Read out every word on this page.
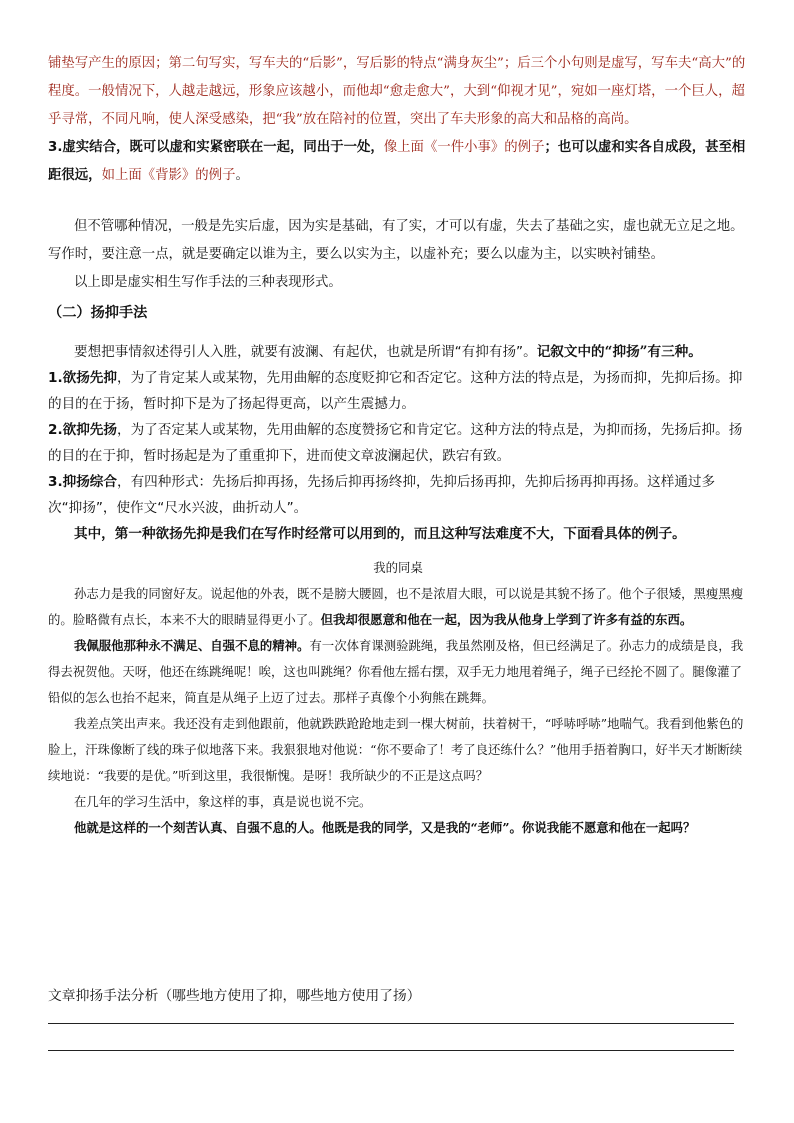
铺垫写产生的原因；第二句写实，写车夫的“后影”，写后影的特点“满身灰尘”；后三个小句则是虚写，写车夫“高大”的程度。一般情况下，人越走越远，形象应该越小，而他却“愈走愈大”，大到“仰视才见”，宛如一座灯塔，一个巨人，超乎寻常，不同凡响，使人深受感染，把“我”放在陪衬的位置，突出了车夫形象的高大和品格的高尚。

3.虚实结合，既可以虚和实紧密联在一起，同出于一处，像上面《一件小事》的例子；也可以虚和实各自成段，甚至相距很远，如上面《背影》的例子。

但不管哪种情况，一般是先实后虚，因为实是基础，有了实，才可以有虚，失去了基础之实，虚也就无立足之地。写作时，要注意一点，就是要确定以谁为主，要么以实为主，以虚补充；要么以虚为主，以实映衬铺垫。

以上即是虚实相生写作手法的三种表现形式。

（二）扬抑手法

要想把事情叙述得引人入胜，就要有波澜、有起伏，也就是所谓“有抑有扬”。记叙文中的“抑扬”有三种。

1.欲扬先抑，为了肯定某人或某物，先用曲解的态度贬抑它和否定它。这种方法的特点是，为扬而抑，先抑后扬。抑的目的在于扬，暂时抑下是为了扬起得更高，以产生震撼力。

2.欲抑先扬，为了否定某人或某物，先用曲解的态度赞扬它和肯定它。这种方法的特点是，为抑而扬，先扬后抑。扬的目的在于抑，暂时扬起是为了重重抑下，进而使文章波澜起伏，跌宕有致。

3.抑扬综合，有四种形式：先扬后抑再扬，先扬后抑再扬终抑，先抑后扬再抑，先抑后扬再抑再扬。这样通过多次“抑扬”，使作文“尺水兴波，曲折动人”。

其中，第一种欲扬先抑是我们在写作时经常可以用到的，而且这种写法难度不大，下面看具体的例子。

我的同桌

孙志力是我的同窗好友。说起他的外表，既不是膀大腰圆，也不是浓眉大眼，可以说是其貌不扬了。他个子很矮，黑瘦黑瘦的。脸略微有点长，本来不大的眼睛显得更小了。但我却很愿意和他在一起，因为我从他身上学到了许多有益的东西。

我佩服他那种永不满足、自强不息的精神。有一次体育课测验跳绳，我虽然刚及格，但已经满足了。孙志力的成绩是良，我得去祝贺他。天呀，他还在练跳绳呢！唉，这也叫跳绳？你看他左摇右摆，双手无力地甩着绳子，绳子已经抡不圆了。腿像灌了铅似的怎么也抬不起来，简直是从绳子上迈了过去。那样子真像个小狗熊在跳舞。

我差点笑出声来。我还没有走到他跟前，他就跌跌跄跄地走到一棵大树前，扶着树干，“呼哧呼哧”地喘气。我看到他紫色的脸上，汗珠像断了线的珠子似地落下来。我狠狠地对他说：“你不要命了！考了良还练什么？”他用手捂着胸口，好半天才断断续续地说：“我要的是优。”听到这里，我很惭愧。是呀！我所缺少的不正是这点吗？

在几年的学习生活中，象这样的事，真是说也说不完。

他就是这样的一个刻苦认真、自强不息的人。他既是我的同学，又是我的“老师”。你说我能不愿意和他在一起吗？

文章抑扬手法分析（哪些地方使用了抑，哪些地方使用了扬）
